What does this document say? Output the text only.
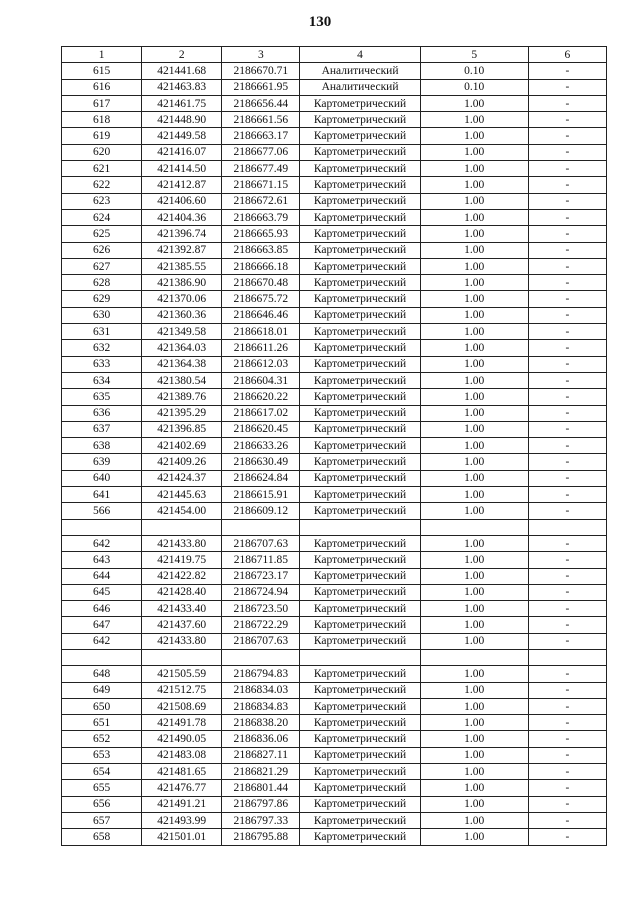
130
1	2	3	4	5	6
615	421441.68	2186670.71	Аналитический	0.10	-
616	421463.83	2186661.95	Аналитический	0.10	-
617	421461.75	2186656.44	Картометрический	1.00	-
618	421448.90	2186661.56	Картометрический	1.00	-
619	421449.58	2186663.17	Картометрический	1.00	-
620	421416.07	2186677.06	Картометрический	1.00	-
621	421414.50	2186677.49	Картометрический	1.00	-
622	421412.87	2186671.15	Картометрический	1.00	-
623	421406.60	2186672.61	Картометрический	1.00	-
624	421404.36	2186663.79	Картометрический	1.00	-
625	421396.74	2186665.93	Картометрический	1.00	-
626	421392.87	2186663.85	Картометрический	1.00	-
627	421385.55	2186666.18	Картометрический	1.00	-
628	421386.90	2186670.48	Картометрический	1.00	-
629	421370.06	2186675.72	Картометрический	1.00	-
630	421360.36	2186646.46	Картометрический	1.00	-
631	421349.58	2186618.01	Картометрический	1.00	-
632	421364.03	2186611.26	Картометрический	1.00	-
633	421364.38	2186612.03	Картометрический	1.00	-
634	421380.54	2186604.31	Картометрический	1.00	-
635	421389.76	2186620.22	Картометрический	1.00	-
636	421395.29	2186617.02	Картометрический	1.00	-
637	421396.85	2186620.45	Картометрический	1.00	-
638	421402.69	2186633.26	Картометрический	1.00	-
639	421409.26	2186630.49	Картометрический	1.00	-
640	421424.37	2186624.84	Картометрический	1.00	-
641	421445.63	2186615.91	Картометрический	1.00	-
566	421454.00	2186609.12	Картометрический	1.00	-

642	421433.80	2186707.63	Картометрический	1.00	-
643	421419.75	2186711.85	Картометрический	1.00	-
644	421422.82	2186723.17	Картометрический	1.00	-
645	421428.40	2186724.94	Картометрический	1.00	-
646	421433.40	2186723.50	Картометрический	1.00	-
647	421437.60	2186722.29	Картометрический	1.00	-
642	421433.80	2186707.63	Картометрический	1.00	-

648	421505.59	2186794.83	Картометрический	1.00	-
649	421512.75	2186834.03	Картометрический	1.00	-
650	421508.69	2186834.83	Картометрический	1.00	-
651	421491.78	2186838.20	Картометрический	1.00	-
652	421490.05	2186836.06	Картометрический	1.00	-
653	421483.08	2186827.11	Картометрический	1.00	-
654	421481.65	2186821.29	Картометрический	1.00	-
655	421476.77	2186801.44	Картометрический	1.00	-
656	421491.21	2186797.86	Картометрический	1.00	-
657	421493.99	2186797.33	Картометрический	1.00	-
658	421501.01	2186795.88	Картометрический	1.00	-
